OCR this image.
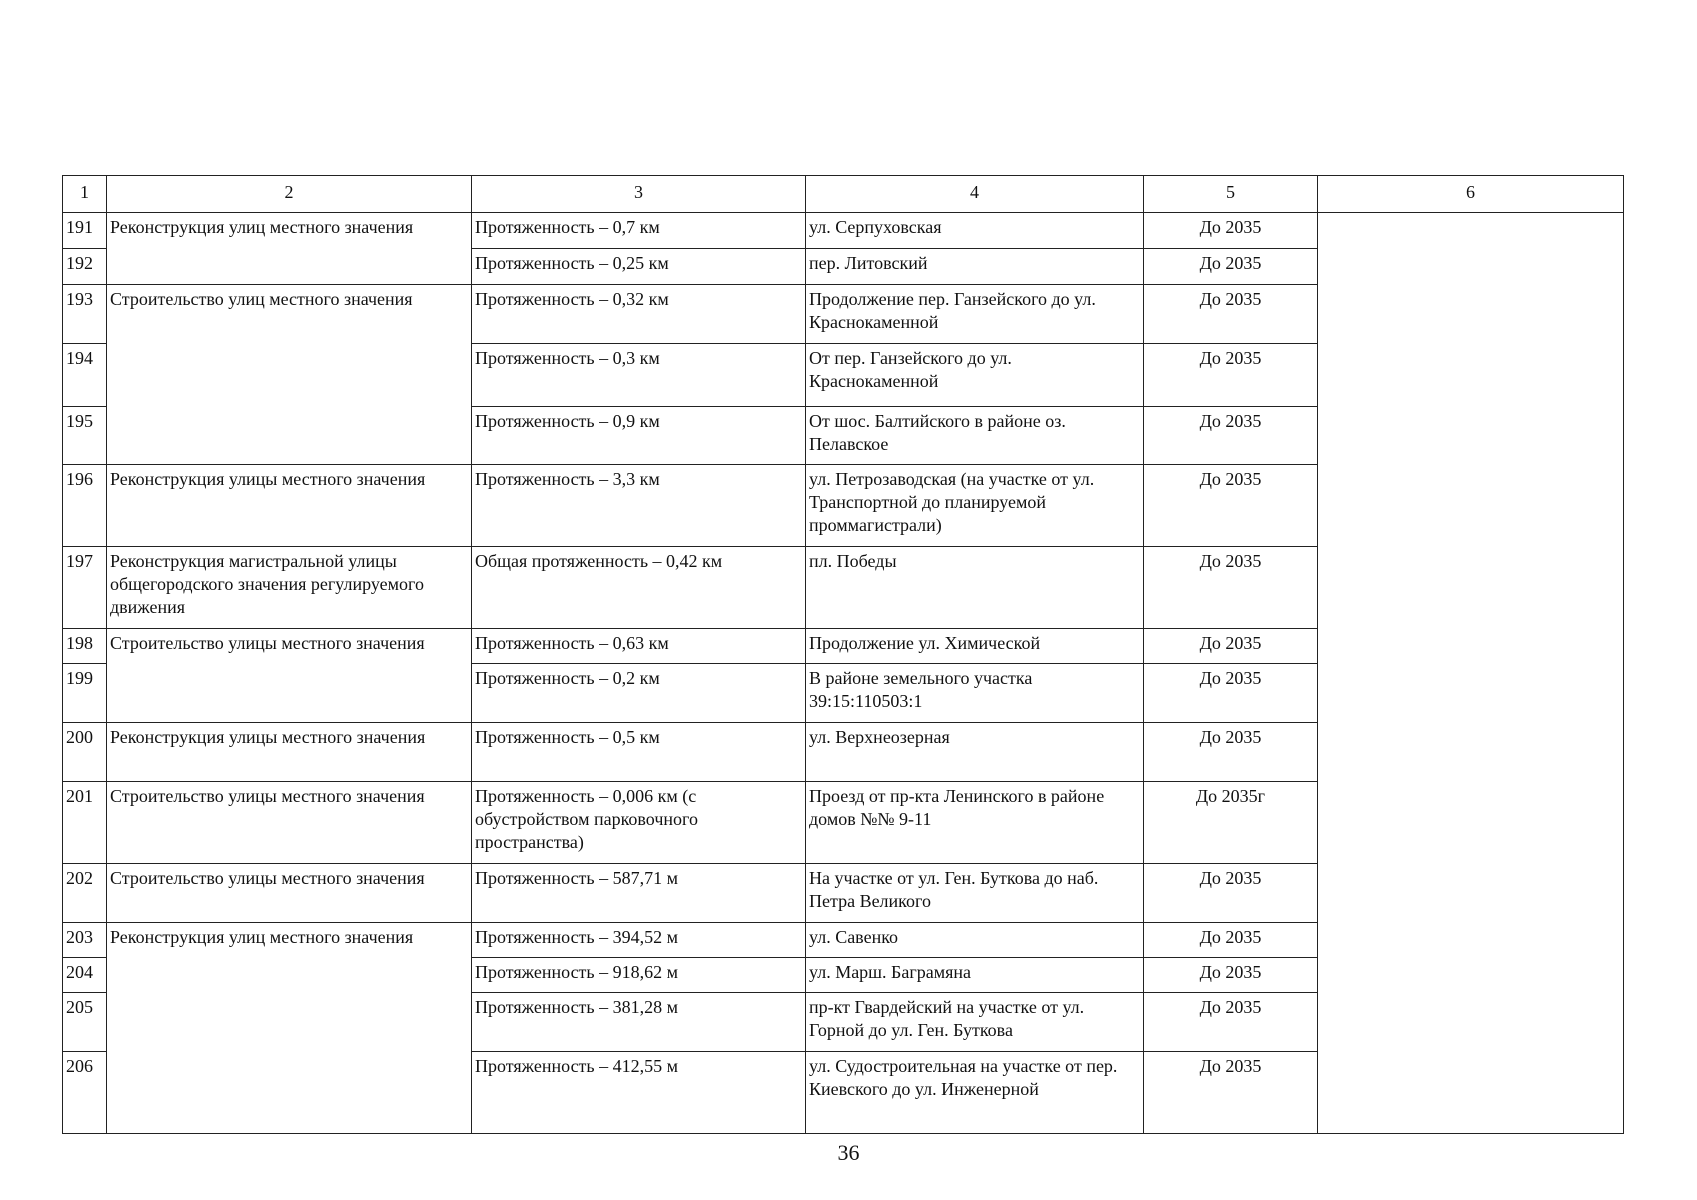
1	2	3	4	5	6
191	Реконструкция улиц местного значения	Протяженность – 0,7 км	ул. Серпуховская	До 2035	
192		Протяженность – 0,25 км	пер. Литовский	До 2035	
193	Строительство улиц местного значения	Протяженность – 0,32 км	Продолжение пер. Ганзейского до ул. Краснокаменной	До 2035	
194		Протяженность – 0,3 км	От пер. Ганзейского до ул. Краснокаменной	До 2035	
195		Протяженность – 0,9 км	От шос. Балтийского в районе оз. Пелавское	До 2035	
196	Реконструкция улицы местного значения	Протяженность – 3,3 км	ул. Петрозаводская (на участке от ул. Транспортной до планируемой проммагистрали)	До 2035	
197	Реконструкция магистральной улицы общегородского значения регулируемого движения	Общая протяженность – 0,42 км	пл. Победы	До 2035	
198	Строительство улицы местного значения	Протяженность – 0,63 км	Продолжение ул. Химической	До 2035	
199		Протяженность – 0,2 км	В районе земельного участка 39:15:110503:1	До 2035	
200	Реконструкция улицы местного значения	Протяженность – 0,5 км	ул. Верхнеозерная	До 2035	
201	Строительство улицы местного значения	Протяженность – 0,006 км (с обустройством парковочного пространства)	Проезд от пр-кта Ленинского в районе домов №№ 9-11	До 2035г	
202	Строительство улицы местного значения	Протяженность – 587,71 м	На участке от ул. Ген. Буткова до наб. Петра Великого	До 2035	
203	Реконструкция улиц местного значения	Протяженность – 394,52 м	ул. Савенко	До 2035	
204		Протяженность – 918,62 м	ул. Марш. Баграмяна	До 2035	
205		Протяженность – 381,28 м	пр-кт Гвардейский на участке от ул. Горной до ул. Ген. Буткова	До 2035	
206		Протяженность – 412,55 м	ул. Судостроительная на участке от пер. Киевского до ул. Инженерной	До 2035	
36
